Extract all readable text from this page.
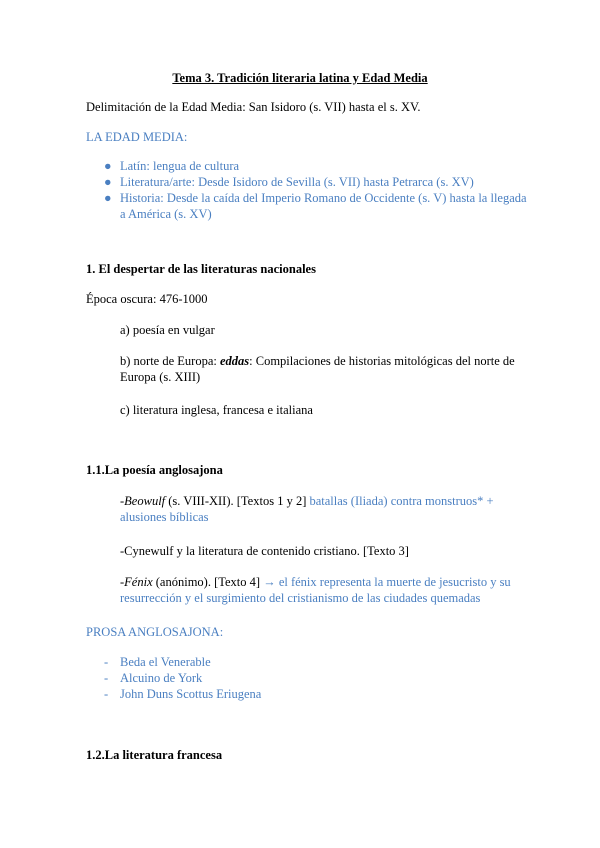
Tema 3. Tradición literaria latina y Edad Media
Delimitación de la Edad Media: San Isidoro (s. VII) hasta el s. XV.
LA EDAD MEDIA:
● Latín: lengua de cultura
● Literatura/arte: Desde Isidoro de Sevilla (s. VII) hasta Petrarca (s. XV)
● Historia: Desde la caída del Imperio Romano de Occidente (s. V) hasta la llegada a América (s. XV)
1. El despertar de las literaturas nacionales
Época oscura: 476-1000
a) poesía en vulgar
b) norte de Europa: eddas: Compilaciones de historias mitológicas del norte de Europa (s. XIII)
c) literatura inglesa, francesa e italiana
1.1.La poesía anglosajona
-Beowulf (s. VIII-XII). [Textos 1 y 2] batallas (Iliada) contra monstruos* + alusiones bíblicas
-Cynewulf y la literatura de contenido cristiano. [Texto 3]
-Fénix (anónimo). [Texto 4] → el fénix representa la muerte de jesucristo y su resurrección y el surgimiento del cristianismo de las ciudades quemadas
PROSA ANGLOSAJONA:
- Beda el Venerable
- Alcuino de York
- John Duns Scottus Eriugena
1.2.La literatura francesa
